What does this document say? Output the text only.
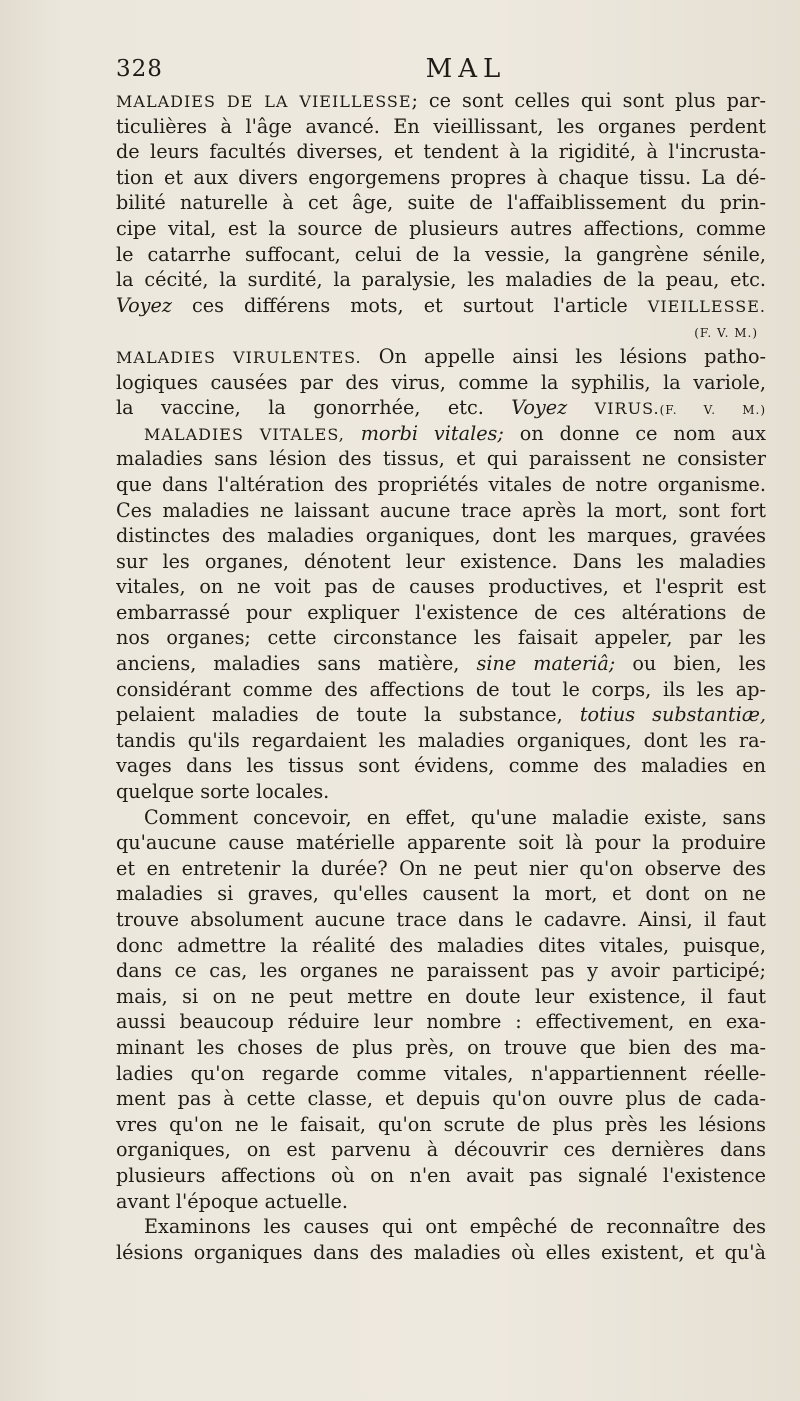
328	MAL
MALADIES DE LA VIEILLESSE; ce sont celles qui sont plus par-
ticulières à l'âge avancé. En vieillissant, les organes perdent
de leurs facultés diverses, et tendent à la rigidité, à l'incrusta-
tion et aux divers engorgemens propres à chaque tissu. La dé-
bilité naturelle à cet âge, suite de l'affaiblissement du prin-
cipe vital, est la source de plusieurs autres affections, comme
le catarrhe suffocant, celui de la vessie, la gangrène sénile,
la cécité, la surdité, la paralysie, les maladies de la peau, etc.
Voyez ces différens mots, et surtout l'article VIEILLESSE.
(F. V. M.)
MALADIES VIRULENTES. On appelle ainsi les lésions patho-
logiques causées par des virus, comme la syphilis, la variole,
la vaccine, la gonorrhée, etc. Voyez VIRUS.(F. V. M.)
MALADIES VITALES, morbi vitales; on donne ce nom aux
maladies sans lésion des tissus, et qui paraissent ne consister
que dans l'altération des propriétés vitales de notre organisme.
Ces maladies ne laissant aucune trace après la mort, sont fort
distinctes des maladies organiques, dont les marques, gravées
sur les organes, dénotent leur existence. Dans les maladies
vitales, on ne voit pas de causes productives, et l'esprit est
embarrassé pour expliquer l'existence de ces altérations de
nos organes; cette circonstance les faisait appeler, par les
anciens, maladies sans matière, sine materiâ; ou bien, les
considérant comme des affections de tout le corps, ils les ap-
pelaient maladies de toute la substance, totius substantiæ,
tandis qu'ils regardaient les maladies organiques, dont les ra-
vages dans les tissus sont évidens, comme des maladies en
quelque sorte locales.
Comment concevoir, en effet, qu'une maladie existe, sans
qu'aucune cause matérielle apparente soit là pour la produire
et en entretenir la durée? On ne peut nier qu'on observe des
maladies si graves, qu'elles causent la mort, et dont on ne
trouve absolument aucune trace dans le cadavre. Ainsi, il faut
donc admettre la réalité des maladies dites vitales, puisque,
dans ce cas, les organes ne paraissent pas y avoir participé;
mais, si on ne peut mettre en doute leur existence, il faut
aussi beaucoup réduire leur nombre : effectivement, en exa-
minant les choses de plus près, on trouve que bien des ma-
ladies qu'on regarde comme vitales, n'appartiennent réelle-
ment pas à cette classe, et depuis qu'on ouvre plus de cada-
vres qu'on ne le faisait, qu'on scrute de plus près les lésions
organiques, on est parvenu à découvrir ces dernières dans
plusieurs affections où on n'en avait pas signalé l'existence
avant l'époque actuelle.
Examinons les causes qui ont empêché de reconnaître des
lésions organiques dans des maladies où elles existent, et qu'à
